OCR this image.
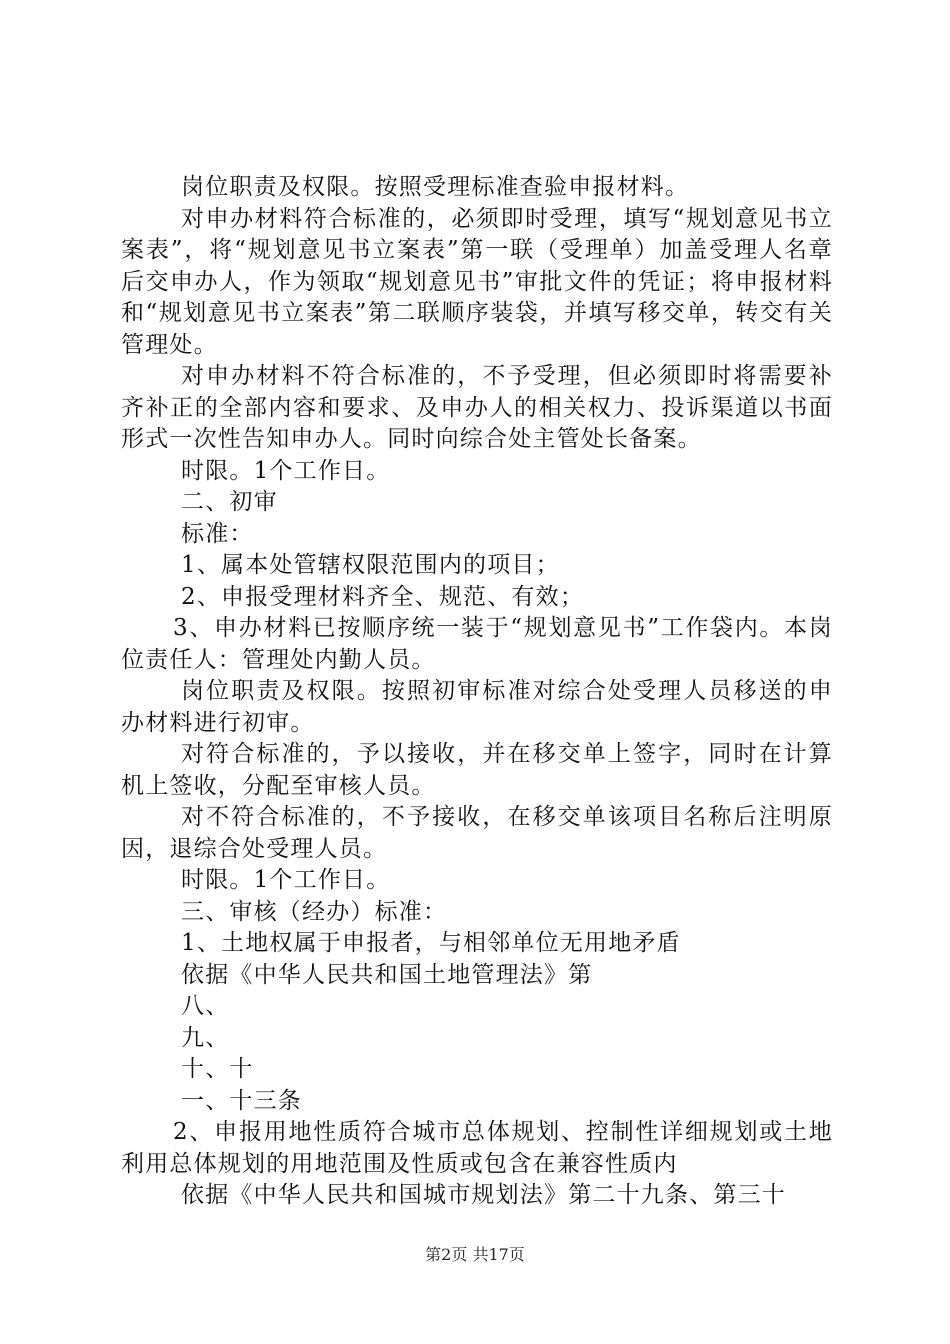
岗位职责及权限。按照受理标准查验申报材料。

对申办材料符合标准的，必须即时受理，填写“规划意见书立案表”，将“规划意见书立案表”第一联（受理单）加盖受理人名章后交申办人，作为领取“规划意见书”审批文件的凭证；将申报材料和“规划意见书立案表”第二联顺序装袋，并填写移交单，转交有关管理处。

对申办材料不符合标准的，不予受理，但必须即时将需要补齐补正的全部内容和要求、及申办人的相关权力、投诉渠道以书面形式一次性告知申办人。同时向综合处主管处长备案。

时限。1个工作日。

二、初审

标准：

1、属本处管辖权限范围内的项目；

2、申报受理材料齐全、规范、有效；

3、申办材料已按顺序统一装于“规划意见书”工作袋内。本岗位责任人：管理处内勤人员。

岗位职责及权限。按照初审标准对综合处受理人员移送的申办材料进行初审。

对符合标准的，予以接收，并在移交单上签字，同时在计算机上签收，分配至审核人员。

对不符合标准的，不予接收，在移交单该项目名称后注明原因，退综合处受理人员。

时限。1个工作日。

三、审核（经办）标准：

1、土地权属于申报者，与相邻单位无用地矛盾

依据《中华人民共和国土地管理法》第

八、

九、

十、十

一、十三条

2、申报用地性质符合城市总体规划、控制性详细规划或土地利用总体规划的用地范围及性质或包含在兼容性质内

依据《中华人民共和国城市规划法》第二十九条、第三十

第2页 共17页
